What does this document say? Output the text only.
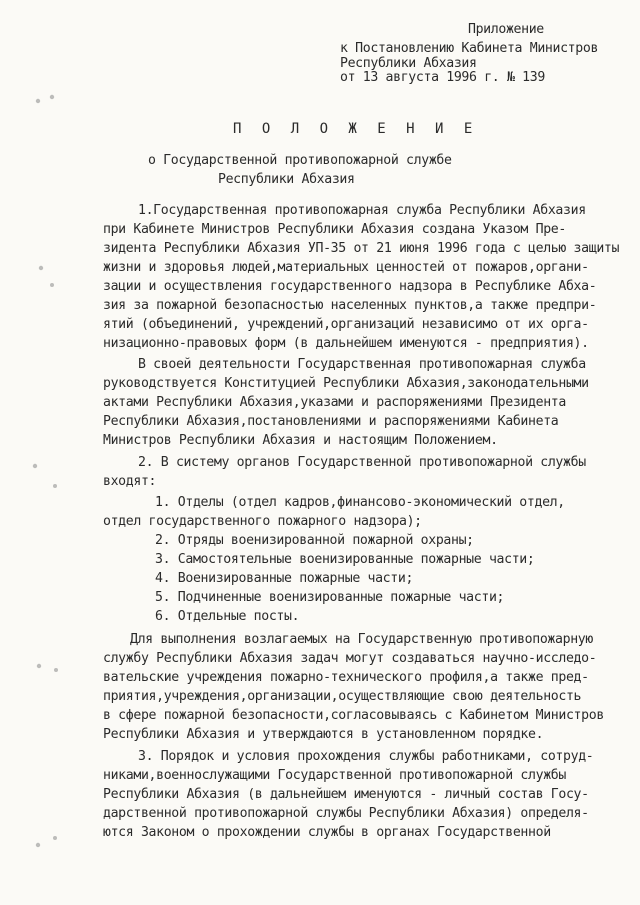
Приложение
к Постановлению Кабинета Министров
Республики Абхазия
от 13 августа 1996 г. № 139
П О Л О Ж Е Н И Е
о Государственной противопожарной службе
Республики Абхазия
1.Государственная противопожарная служба Республики Абхазия
при Кабинете Министров Республики Абхазия создана Указом Пре-
зидента Республики Абхазия УП-35 от 21 июня 1996 года с целью защиты
жизни и здоровья людей,материальных ценностей от пожаров,органи-
зации и осуществления государственного надзора в Республике Абха-
зия за пожарной безопасностью населенных пунктов,а также предпри-
ятий (объединений, учреждений,организаций независимо от их орга-
низационно-правовых форм (в дальнейшем именуются - предприятия).
В своей деятельности Государственная противопожарная служба
руководствуется Конституцией Республики Абхазия,законодательными
актами Республики Абхазия,указами и распоряжениями Президента
Республики Абхазия,постановлениями и распоряжениями Кабинета
Министров Республики Абхазия и настоящим Положением.
2. В систему органов Государственной противопожарной службы
входят:
1. Отделы (отдел кадров,финансово-экономический отдел,
отдел государственного пожарного надзора);
2. Отряды военизированной пожарной охраны;
3. Самостоятельные военизированные пожарные части;
4. Военизированные пожарные части;
5. Подчиненные военизированные пожарные части;
6. Отдельные посты.
Для выполнения возлагаемых на Государственную противопожарную
службу Республики Абхазия задач могут создаваться научно-исследо-
вательские учреждения пожарно-технического профиля,а также пред-
приятия,учреждения,организации,осуществляющие свою деятельность
в сфере пожарной безопасности,согласовываясь с Кабинетом Министров
Республики Абхазия и утверждаются в установленном порядке.
3. Порядок и условия прохождения службы работниками, сотруд-
никами,военнослужащими Государственной противопожарной службы
Республики Абхазия (в дальнейшем именуются - личный состав Госу-
дарственной противопожарной службы Республики Абхазия) определя-
ются Законом о прохождении службы в органах Государственной
